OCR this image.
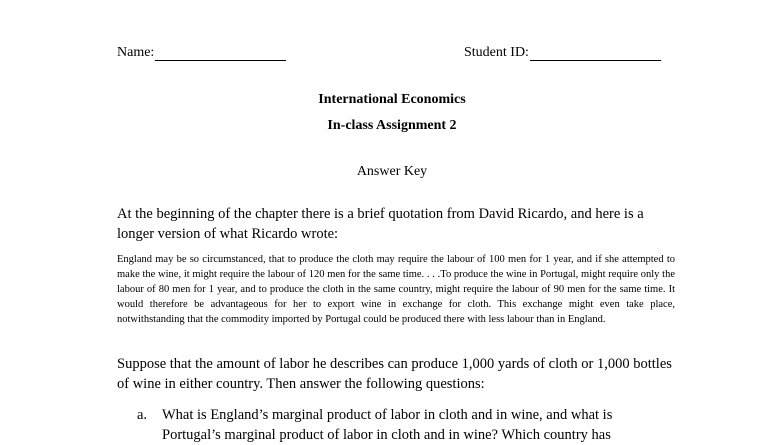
Name:	Student ID:
International Economics
In-class Assignment 2
Answer Key
At the beginning of the chapter there is a brief quotation from David Ricardo, and here is a longer version of what Ricardo wrote:
England may be so circumstanced, that to produce the cloth may require the labour of 100 men for 1 year, and if she attempted to make the wine, it might require the labour of 120 men for the same time. . . .To produce the wine in Portugal, might require only the labour of 80 men for 1 year, and to produce the cloth in the same country, might require the labour of 90 men for the same time. It would therefore be advantageous for her to export wine in exchange for cloth. This exchange might even take place, notwithstanding that the commodity imported by Portugal could be produced there with less labour than in England.
Suppose that the amount of labor he describes can produce 1,000 yards of cloth or 1,000 bottles of wine in either country. Then answer the following questions:
a.	What is England’s marginal product of labor in cloth and in wine, and what is Portugal’s marginal product of labor in cloth and in wine? Which country has
